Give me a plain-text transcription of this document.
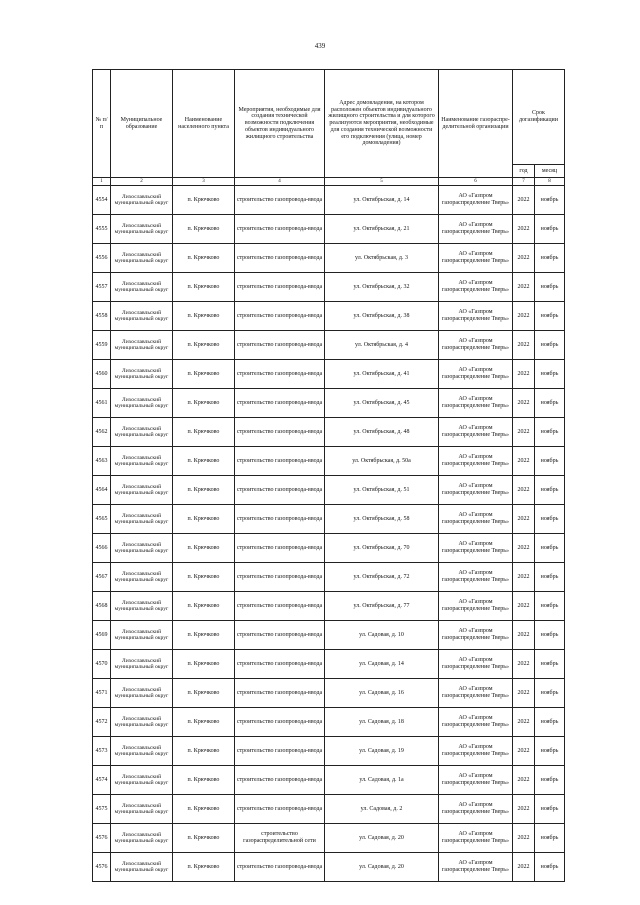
439
№ п/п	Муниципальное образование	Наименование населенного пункта	Мероприятия, необходимые для создания технической возможности подключения объектов индивидуального жилищного строительства	Адрес домовладения, на котором расположен объектов индивидуального жилищного строительства и для которого реализуются мероприятия, необходимые для создания технической возможности его подключения (улица, номер домовладения)	Наименование газораспре-делительной организации	Срок догазификации	
						год	месяц
1	2	3	4	5	6	7	8
4554	Лихославльский муниципальный округ	п. Крючково	строительство газопровода-ввода	ул. Октябрьская, д. 14	АО «Газпром газораспределение Тверь»	2022	ноябрь
4555	Лихославльский муниципальный округ	п. Крючково	строительство газопровода-ввода	ул. Октябрьская, д. 21	АО «Газпром газораспределение Тверь»	2022	ноябрь
4556	Лихославльский муниципальный округ	п. Крючково	строительство газопровода-ввода	ул. Октябрьская, д. 3	АО «Газпром газораспределение Тверь»	2022	ноябрь
4557	Лихославльский муниципальный округ	п. Крючково	строительство газопровода-ввода	ул. Октябрьская, д. 32	АО «Газпром газораспределение Тверь»	2022	ноябрь
4558	Лихославльский муниципальный округ	п. Крючково	строительство газопровода-ввода	ул. Октябрьская, д. 38	АО «Газпром газораспределение Тверь»	2022	ноябрь
4559	Лихославльский муниципальный округ	п. Крючково	строительство газопровода-ввода	ул. Октябрьская, д. 4	АО «Газпром газораспределение Тверь»	2022	ноябрь
4560	Лихославльский муниципальный округ	п. Крючково	строительство газопровода-ввода	ул. Октябрьская, д. 41	АО «Газпром газораспределение Тверь»	2022	ноябрь
4561	Лихославльский муниципальный округ	п. Крючково	строительство газопровода-ввода	ул. Октябрьская, д. 45	АО «Газпром газораспределение Тверь»	2022	ноябрь
4562	Лихославльский муниципальный округ	п. Крючково	строительство газопровода-ввода	ул. Октябрьская, д. 48	АО «Газпром газораспределение Тверь»	2022	ноябрь
4563	Лихославльский муниципальный округ	п. Крючково	строительство газопровода-ввода	ул. Октябрьская, д. 50а	АО «Газпром газораспределение Тверь»	2022	ноябрь
4564	Лихославльский муниципальный округ	п. Крючково	строительство газопровода-ввода	ул. Октябрьская, д. 51	АО «Газпром газораспределение Тверь»	2022	ноябрь
4565	Лихославльский муниципальный округ	п. Крючково	строительство газопровода-ввода	ул. Октябрьская, д. 58	АО «Газпром газораспределение Тверь»	2022	ноябрь
4566	Лихославльский муниципальный округ	п. Крючково	строительство газопровода-ввода	ул. Октябрьская, д. 70	АО «Газпром газораспределение Тверь»	2022	ноябрь
4567	Лихославльский муниципальный округ	п. Крючково	строительство газопровода-ввода	ул. Октябрьская, д. 72	АО «Газпром газораспределение Тверь»	2022	ноябрь
4568	Лихославльский муниципальный округ	п. Крючково	строительство газопровода-ввода	ул. Октябрьская, д. 77	АО «Газпром газораспределение Тверь»	2022	ноябрь
4569	Лихославльский муниципальный округ	п. Крючково	строительство газопровода-ввода	ул. Садовая, д. 10	АО «Газпром газораспределение Тверь»	2022	ноябрь
4570	Лихославльский муниципальный округ	п. Крючково	строительство газопровода-ввода	ул. Садовая, д. 14	АО «Газпром газораспределение Тверь»	2022	ноябрь
4571	Лихославльский муниципальный округ	п. Крючково	строительство газопровода-ввода	ул. Садовая, д. 16	АО «Газпром газораспределение Тверь»	2022	ноябрь
4572	Лихославльский муниципальный округ	п. Крючково	строительство газопровода-ввода	ул. Садовая, д. 18	АО «Газпром газораспределение Тверь»	2022	ноябрь
4573	Лихославльский муниципальный округ	п. Крючково	строительство газопровода-ввода	ул. Садовая, д. 19	АО «Газпром газораспределение Тверь»	2022	ноябрь
4574	Лихославльский муниципальный округ	п. Крючково	строительство газопровода-ввода	ул. Садовая, д. 1а	АО «Газпром газораспределение Тверь»	2022	ноябрь
4575	Лихославльский муниципальный округ	п. Крючково	строительство газопровода-ввода	ул. Садовая, д. 2	АО «Газпром газораспределение Тверь»	2022	ноябрь
4576	Лихославльский муниципальный округ	п. Крючково	строительство газораспределительной сети	ул. Садовая, д. 20	АО «Газпром газораспределение Тверь»	2022	ноябрь
4576	Лихославльский муниципальный округ	п. Крючково	строительство газопровода-ввода	ул. Садовая, д. 20	АО «Газпром газораспределение Тверь»	2022	ноябрь
